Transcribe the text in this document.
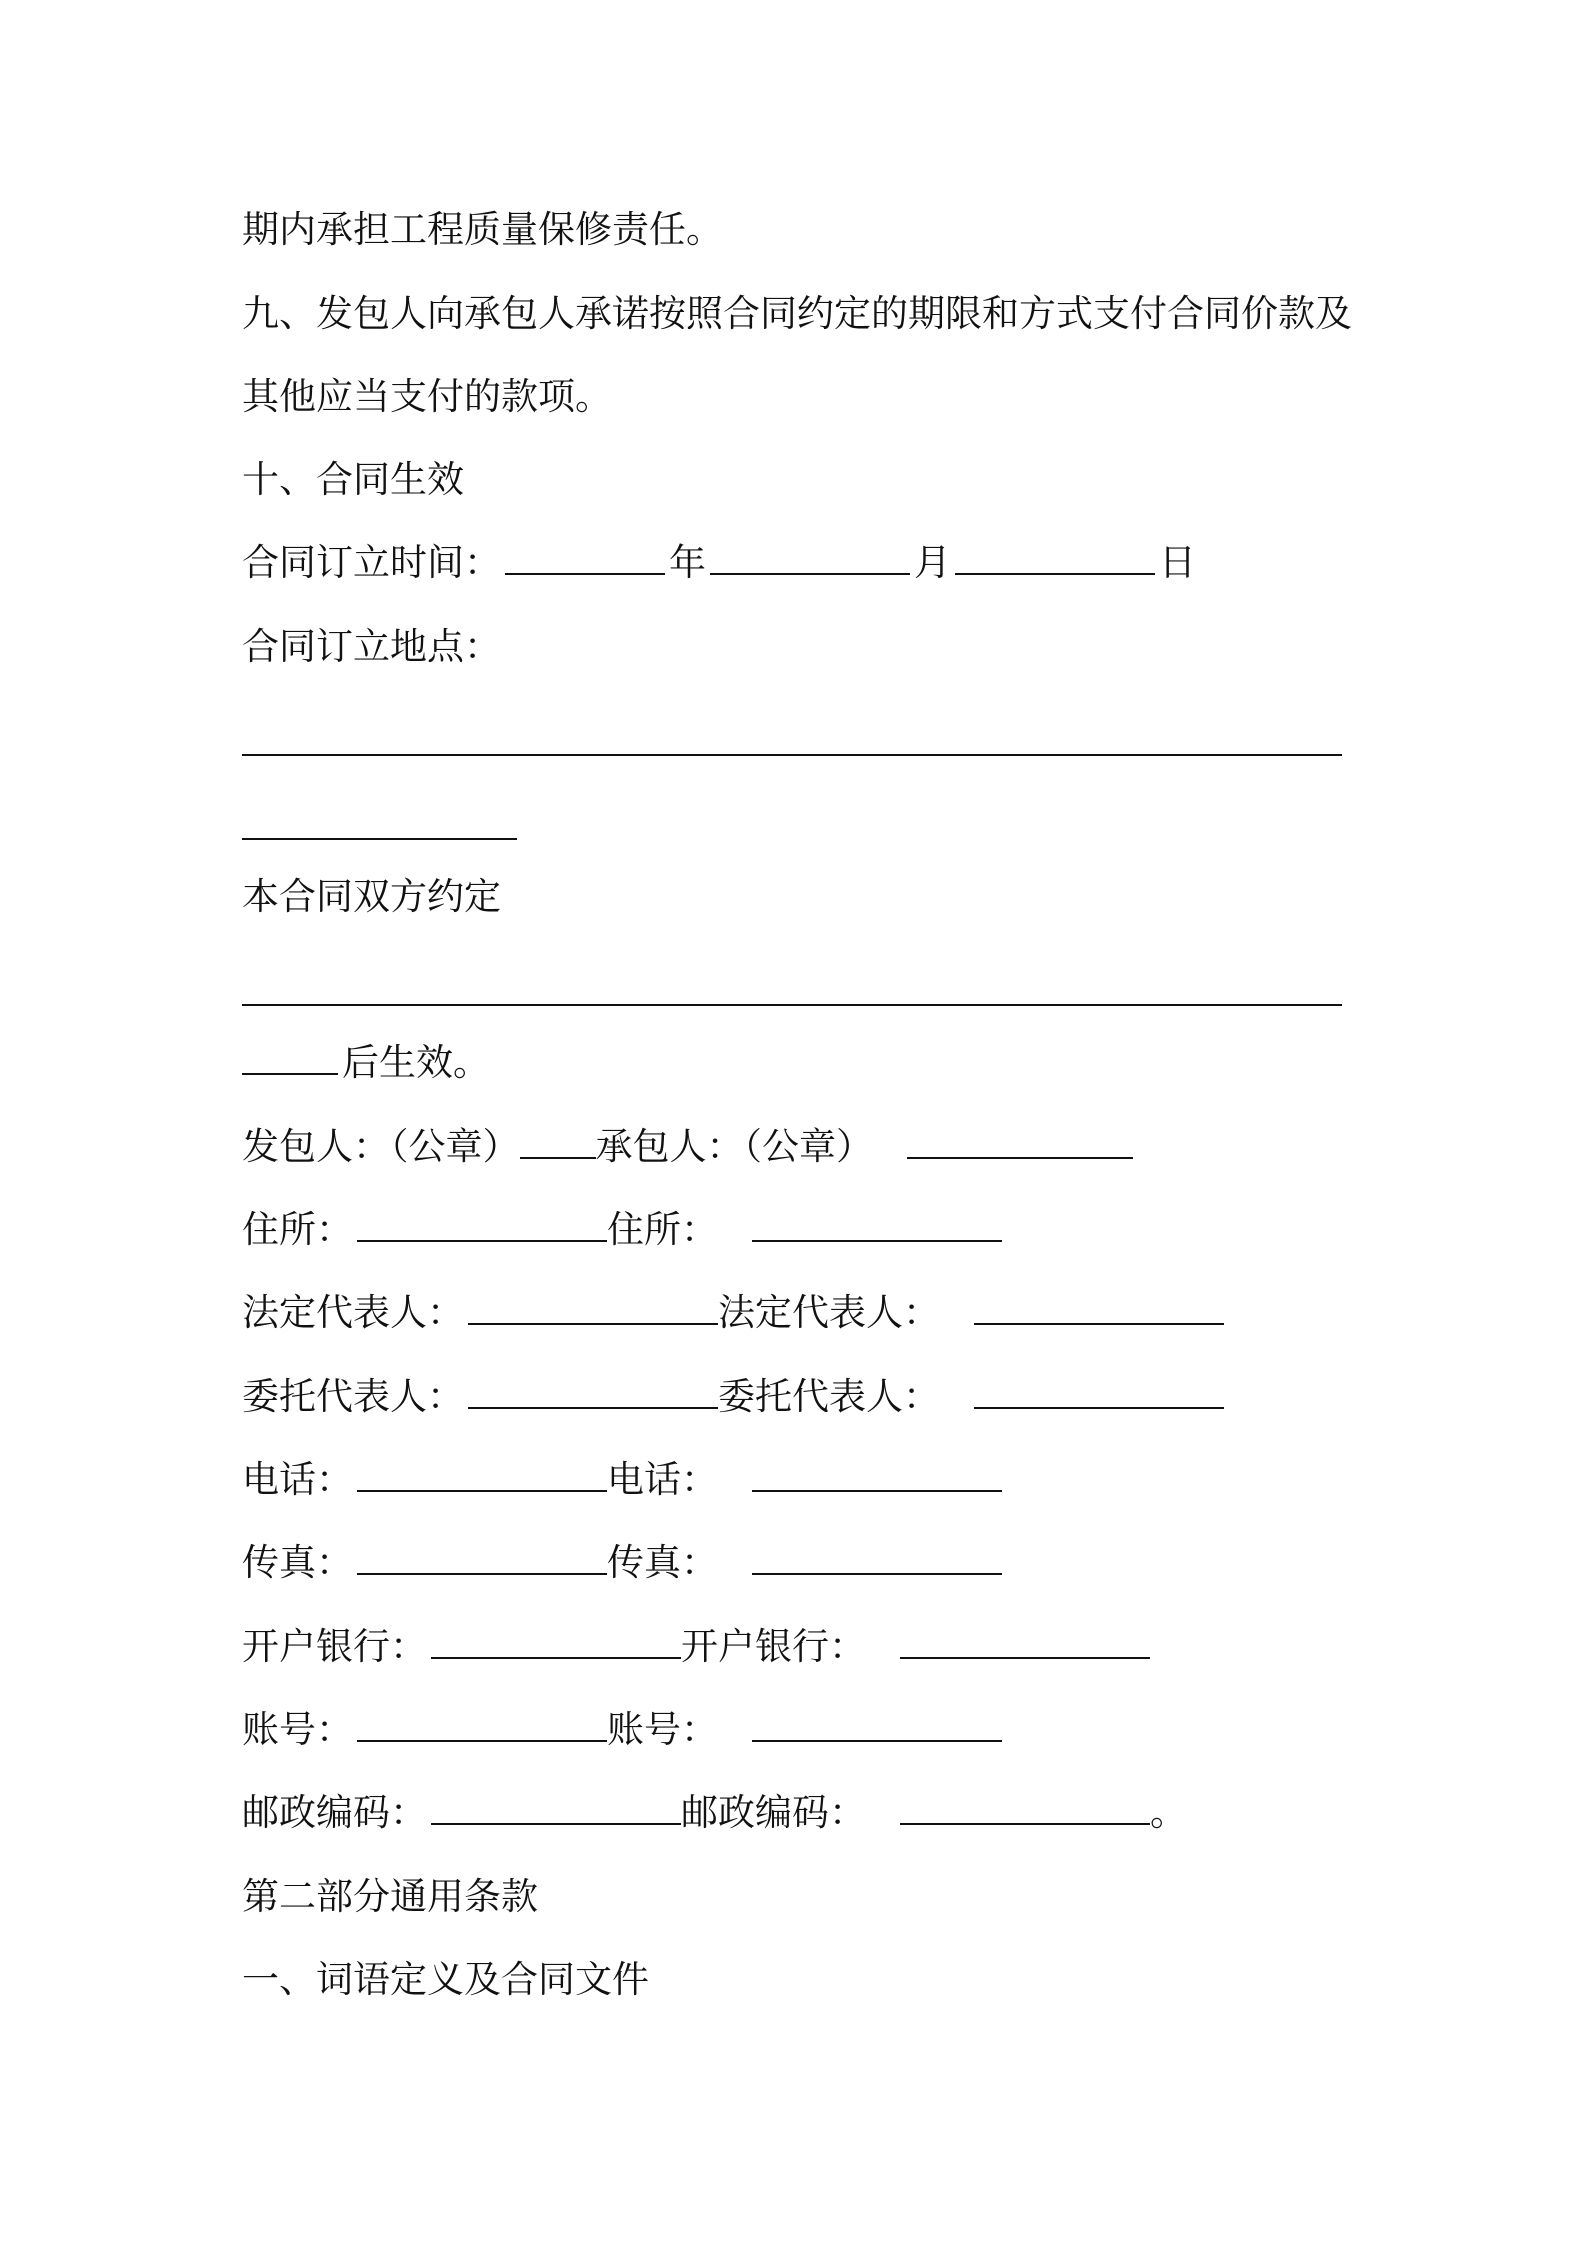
期内承担工程质量保修责任。
九、发包人向承包人承诺按照合同约定的期限和方式支付合同价款及
其他应当支付的款项。
十、合同生效
合同订立时间：	年	月	日
合同订立地点：
本合同双方约定
后生效。
发包人：（公章） 承包人：（公章）
住所：	住所：
法定代表人：	法定代表人：
委托代表人：	委托代表人：
电话：	电话：
传真：	传真：
开户银行：	开户银行：
账号：	账号：
邮政编码：	邮政编码：	。
第二部分通用条款
一、词语定义及合同文件
